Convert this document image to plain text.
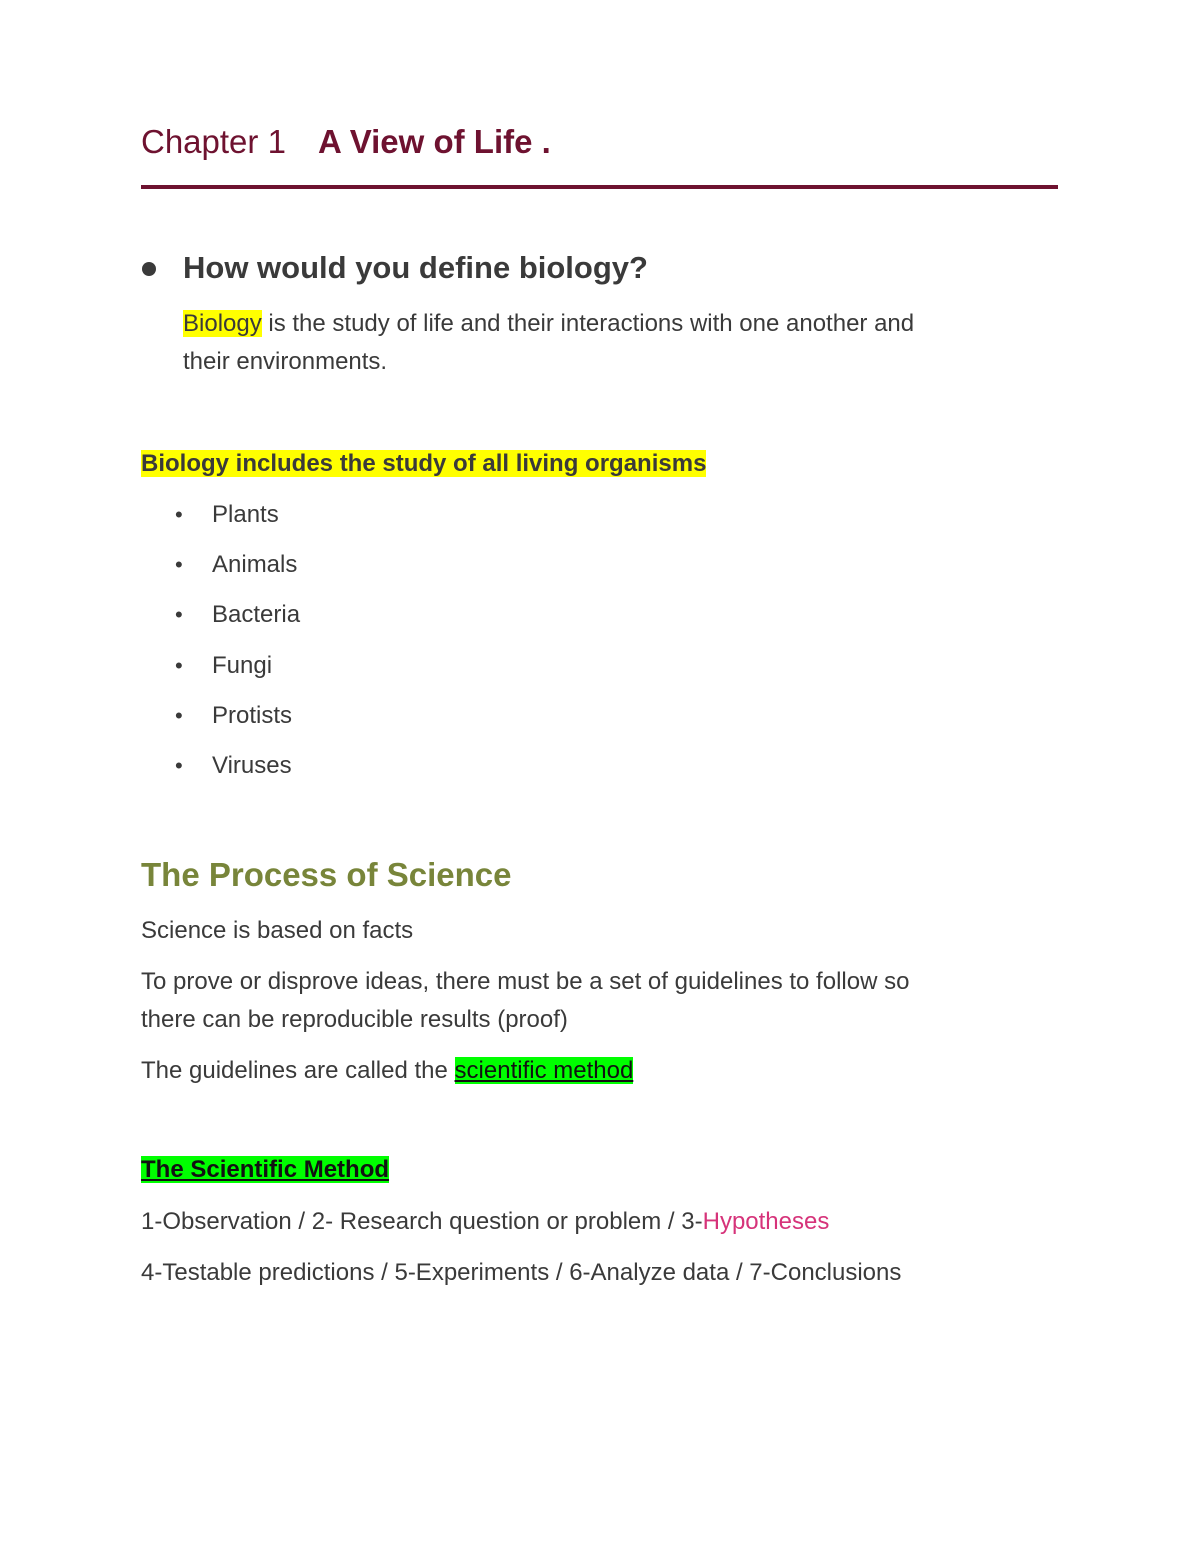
Chapter 1 A View of Life .
How would you define biology?
Biology is the study of life and their interactions with one another and
their environments.
Biology includes the study of all living organisms
• Plants
• Animals
• Bacteria
• Fungi
• Protists
• Viruses
The Process of Science
Science is based on facts
To prove or disprove ideas, there must be a set of guidelines to follow so
there can be reproducible results (proof)
The guidelines are called the scientific method
The Scientific Method
1-Observation / 2- Research question or problem / 3-Hypotheses
4-Testable predictions / 5-Experiments / 6-Analyze data / 7-Conclusions
